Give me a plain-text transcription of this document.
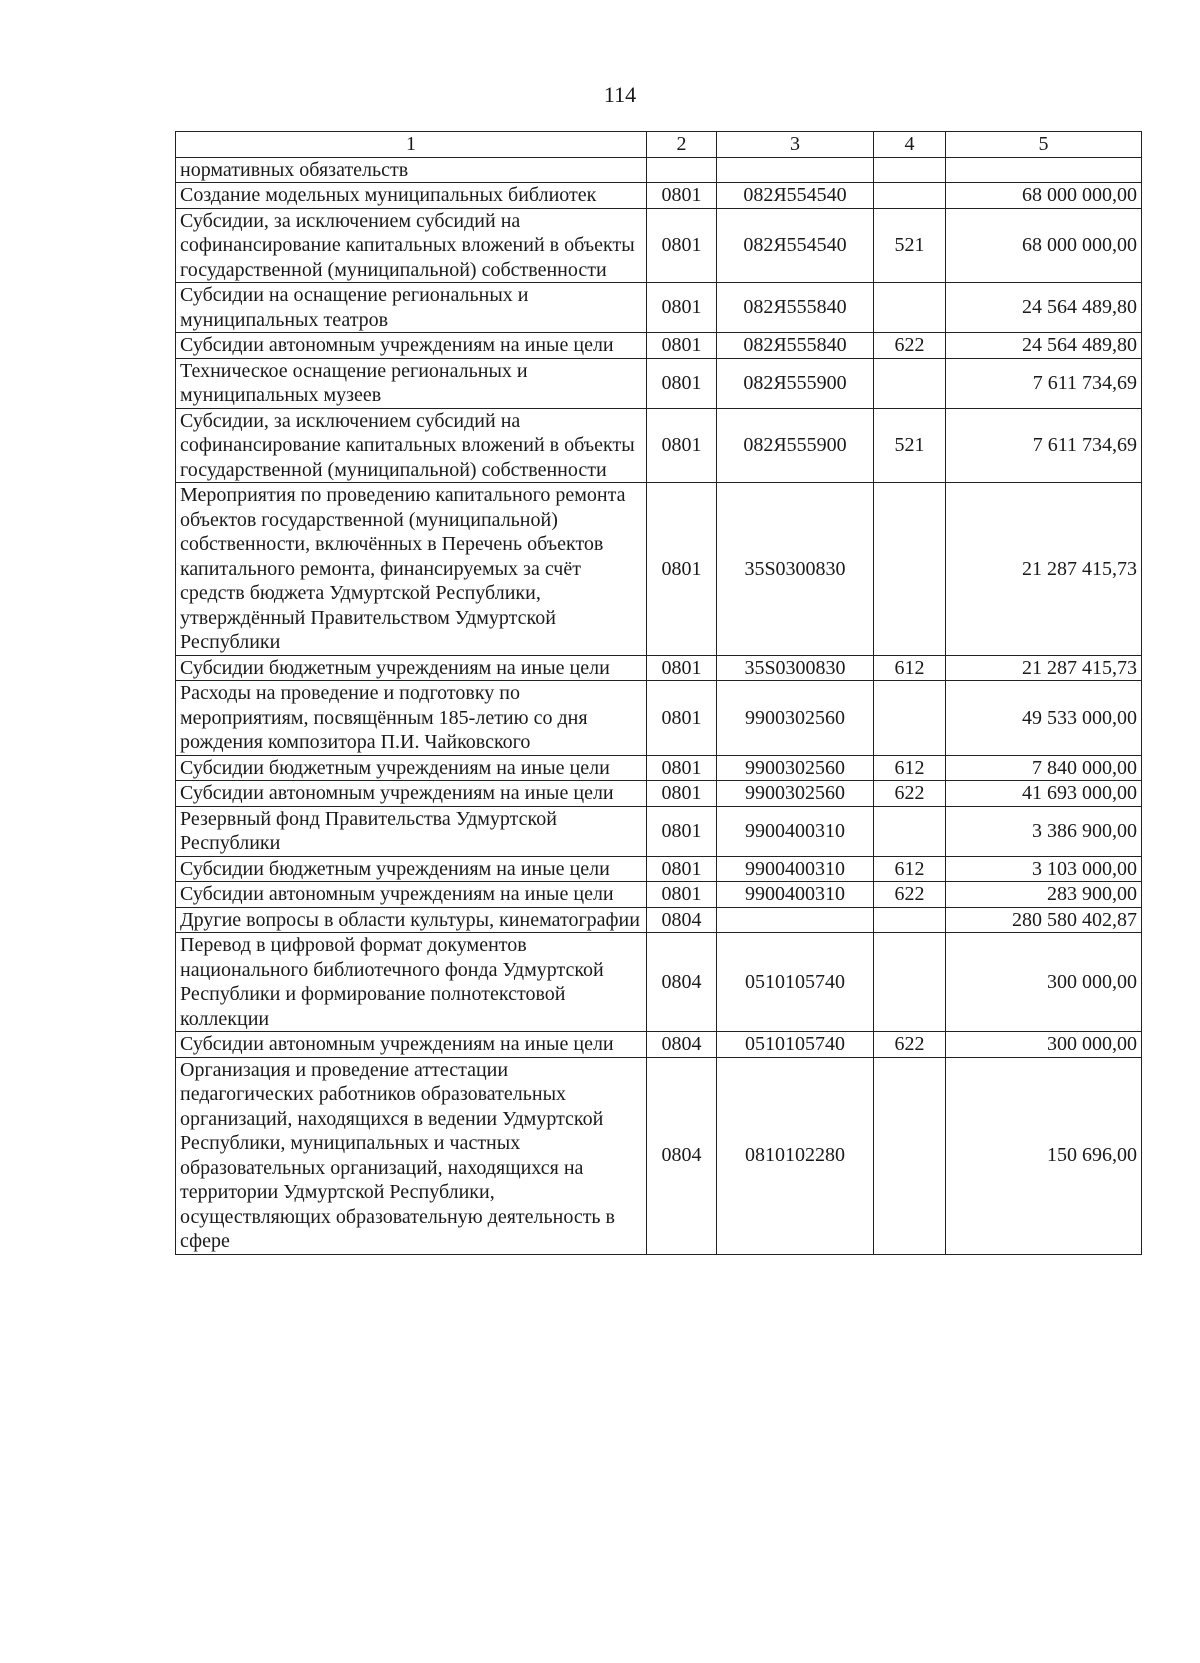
114
1	2	3	4	5
нормативных обязательств				
Создание модельных муниципальных библиотек	0801	082Я554540		68 000 000,00
Субсидии, за исключением субсидий на софинансирование капитальных вложений в объекты государственной (муниципальной) собственности	0801	082Я554540	521	68 000 000,00
Субсидии на оснащение региональных и муниципальных театров	0801	082Я555840		24 564 489,80
Субсидии автономным учреждениям на иные цели	0801	082Я555840	622	24 564 489,80
Техническое оснащение региональных и муниципальных музеев	0801	082Я555900		7 611 734,69
Субсидии, за исключением субсидий на софинансирование капитальных вложений в объекты государственной (муниципальной) собственности	0801	082Я555900	521	7 611 734,69
Мероприятия по проведению капитального ремонта объектов государственной (муниципальной) собственности, включённых в Перечень объектов капитального ремонта, финансируемых за счёт средств бюджета Удмуртской Республики, утверждённый Правительством Удмуртской Республики	0801	35S0300830		21 287 415,73
Субсидии бюджетным учреждениям на иные цели	0801	35S0300830	612	21 287 415,73
Расходы на проведение и подготовку по мероприятиям, посвящённым 185-летию со дня рождения композитора П.И. Чайковского	0801	9900302560		49 533 000,00
Субсидии бюджетным учреждениям на иные цели	0801	9900302560	612	7 840 000,00
Субсидии автономным учреждениям на иные цели	0801	9900302560	622	41 693 000,00
Резервный фонд Правительства Удмуртской Республики	0801	9900400310		3 386 900,00
Субсидии бюджетным учреждениям на иные цели	0801	9900400310	612	3 103 000,00
Субсидии автономным учреждениям на иные цели	0801	9900400310	622	283 900,00
Другие вопросы в области культуры, кинематографии	0804			280 580 402,87
Перевод в цифровой формат документов национального библиотечного фонда Удмуртской Республики и формирование полнотекстовой коллекции	0804	0510105740		300 000,00
Субсидии автономным учреждениям на иные цели	0804	0510105740	622	300 000,00
Организация и проведение аттестации педагогических работников образовательных организаций, находящихся в ведении Удмуртской Республики, муниципальных и частных образовательных организаций, находящихся на территории Удмуртской Республики, осуществляющих образовательную деятельность в сфере	0804	0810102280		150 696,00
